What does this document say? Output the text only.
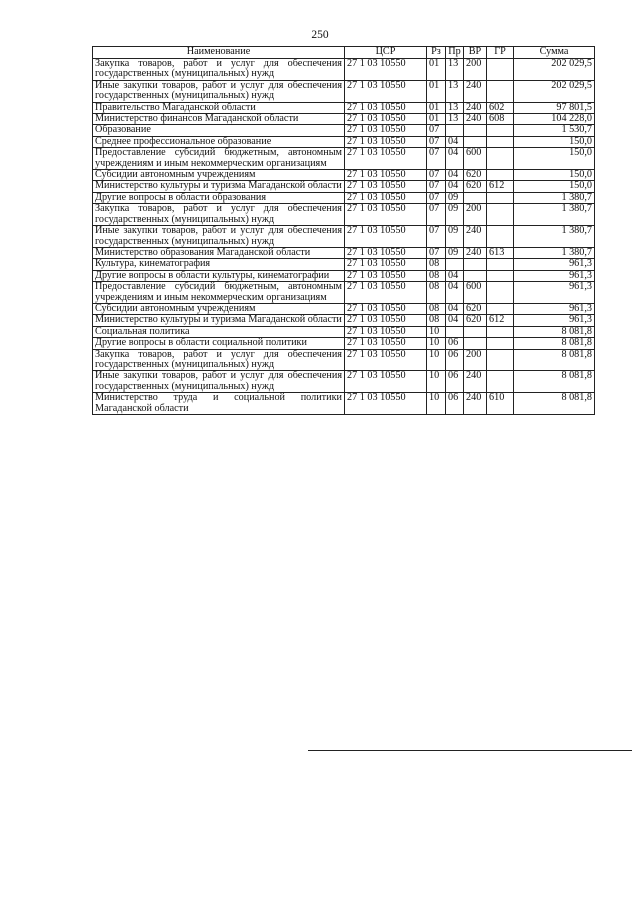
250
Наименование	ЦСР	Рз	Пр	ВР	ГР	Сумма
Закупка товаров, работ и услуг для обеспечения государственных (муниципальных) нужд	27 1 03 10550	01	13	200		202 029,5
Иные закупки товаров, работ и услуг для обеспечения государственных (муниципальных) нужд	27 1 03 10550	01	13	240		202 029,5
Правительство Магаданской области	27 1 03 10550	01	13	240	602	97 801,5
Министерство финансов Магаданской области	27 1 03 10550	01	13	240	608	104 228,0
Образование	27 1 03 10550	07				1 530,7
Среднее профессиональное образование	27 1 03 10550	07	04			150,0
Предоставление субсидий бюджетным, автономным учреждениям и иным некоммерческим организациям	27 1 03 10550	07	04	600		150,0
Субсидии автономным учреждениям	27 1 03 10550	07	04	620		150,0
Министерство культуры и туризма Магаданской области	27 1 03 10550	07	04	620	612	150,0
Другие вопросы в области образования	27 1 03 10550	07	09			1 380,7
Закупка товаров, работ и услуг для обеспечения государственных (муниципальных) нужд	27 1 03 10550	07	09	200		1 380,7
Иные закупки товаров, работ и услуг для обеспечения государственных (муниципальных) нужд	27 1 03 10550	07	09	240		1 380,7
Министерство образования Магаданской области	27 1 03 10550	07	09	240	613	1 380,7
Культура, кинематография	27 1 03 10550	08				961,3
Другие вопросы в области культуры, кинематографии	27 1 03 10550	08	04			961,3
Предоставление субсидий бюджетным, автономным учреждениям и иным некоммерческим организациям	27 1 03 10550	08	04	600		961,3
Субсидии автономным учреждениям	27 1 03 10550	08	04	620		961,3
Министерство культуры и туризма Магаданской области	27 1 03 10550	08	04	620	612	961,3
Социальная политика	27 1 03 10550	10				8 081,8
Другие вопросы в области социальной политики	27 1 03 10550	10	06			8 081,8
Закупка товаров, работ и услуг для обеспечения государственных (муниципальных) нужд	27 1 03 10550	10	06	200		8 081,8
Иные закупки товаров, работ и услуг для обеспечения государственных (муниципальных) нужд	27 1 03 10550	10	06	240		8 081,8
Министерство труда и социальной политики Магаданской области	27 1 03 10550	10	06	240	610	8 081,8
